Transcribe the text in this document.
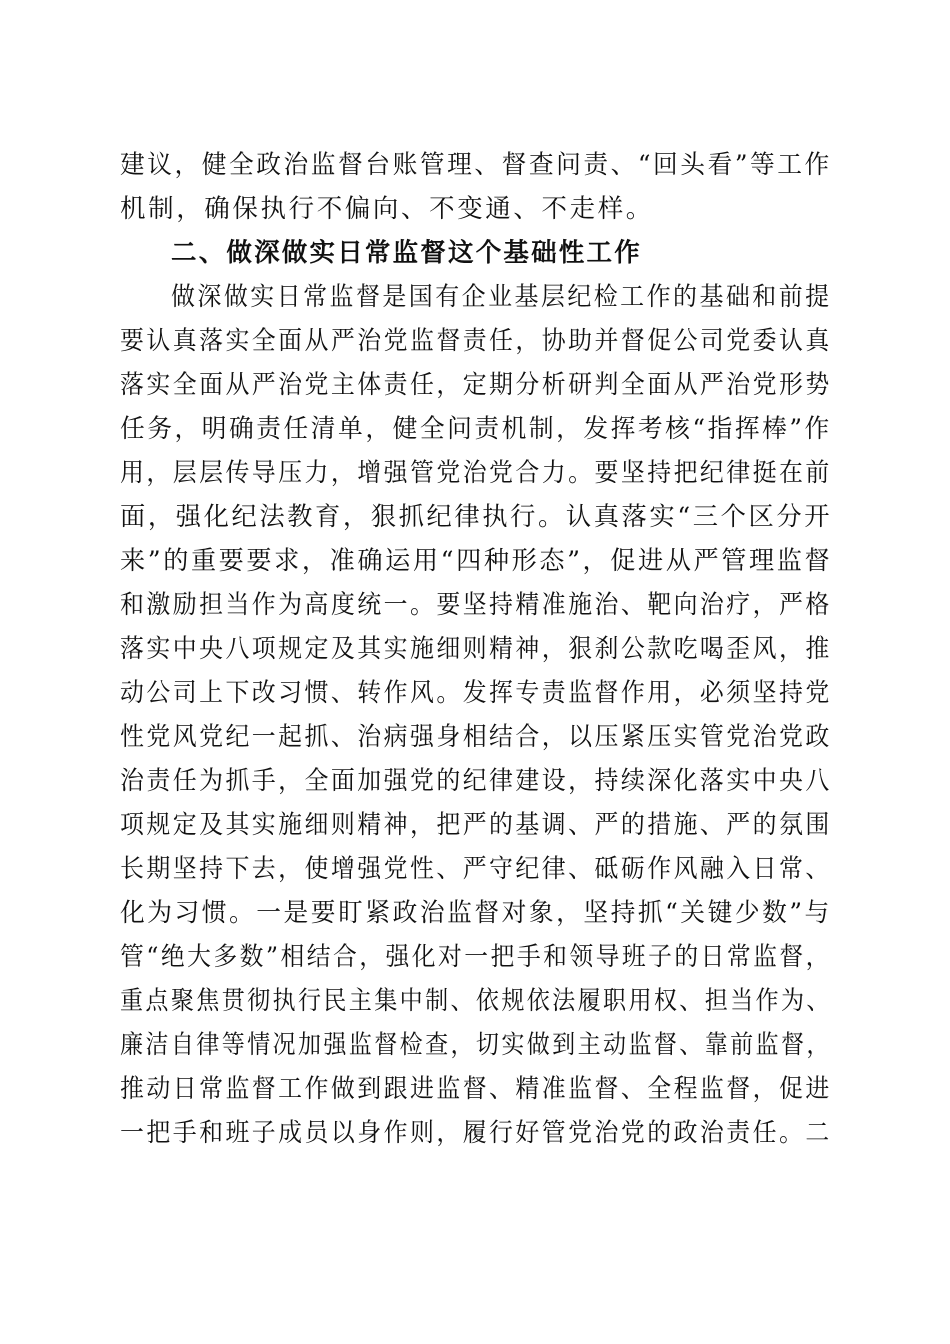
建议，健全政治监督台账管理、督查问责、“回头看”等工作
机制，确保执行不偏向、不变通、不走样。
二、做深做实日常监督这个基础性工作
做深做实日常监督是国有企业基层纪检工作的基础和前提
要认真落实全面从严治党监督责任，协助并督促公司党委认真
落实全面从严治党主体责任，定期分析研判全面从严治党形势
任务，明确责任清单，健全问责机制，发挥考核“指挥棒”作
用，层层传导压力，增强管党治党合力。要坚持把纪律挺在前
面，强化纪法教育，狠抓纪律执行。认真落实“三个区分开
来”的重要要求，准确运用“四种形态”，促进从严管理监督
和激励担当作为高度统一。要坚持精准施治、靶向治疗，严格
落实中央八项规定及其实施细则精神，狠刹公款吃喝歪风，推
动公司上下改习惯、转作风。发挥专责监督作用，必须坚持党
性党风党纪一起抓、治病强身相结合，以压紧压实管党治党政
治责任为抓手，全面加强党的纪律建设，持续深化落实中央八
项规定及其实施细则精神，把严的基调、严的措施、严的氛围
长期坚持下去，使增强党性、严守纪律、砥砺作风融入日常、
化为习惯。一是要盯紧政治监督对象，坚持抓“关键少数”与
管“绝大多数”相结合，强化对一把手和领导班子的日常监督，
重点聚焦贯彻执行民主集中制、依规依法履职用权、担当作为、
廉洁自律等情况加强监督检查，切实做到主动监督、靠前监督，
推动日常监督工作做到跟进监督、精准监督、全程监督，促进
一把手和班子成员以身作则，履行好管党治党的政治责任。二
